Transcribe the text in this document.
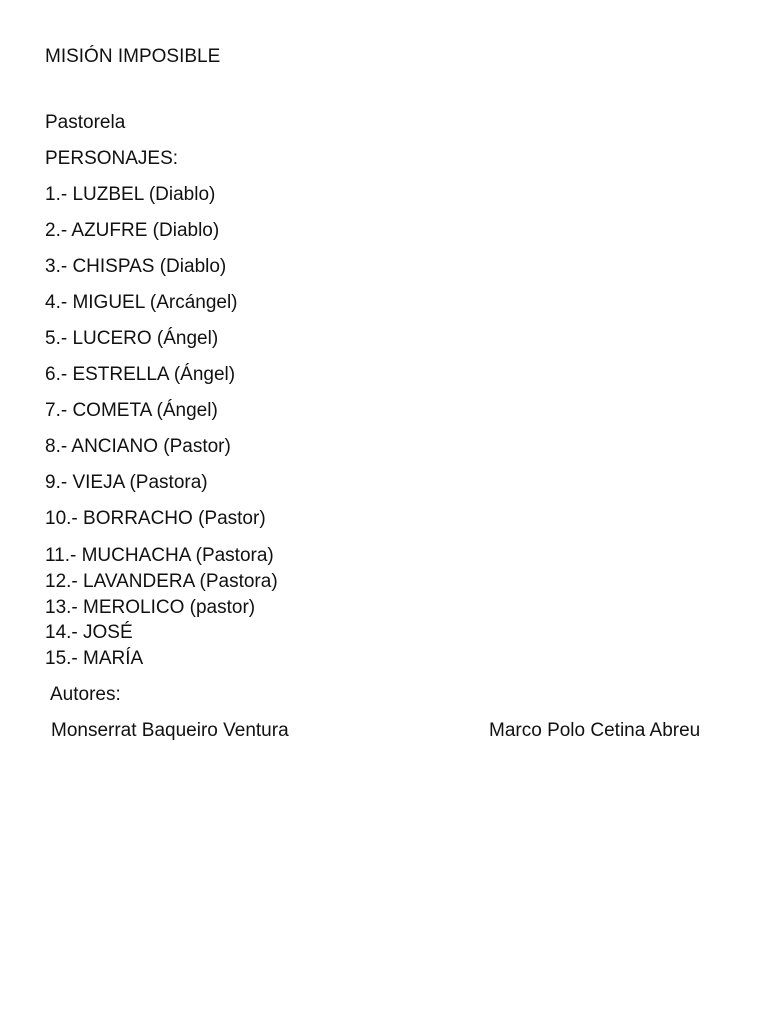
MISIÓN IMPOSIBLE
Pastorela
PERSONAJES:
1.- LUZBEL (Diablo)
2.- AZUFRE (Diablo)
3.- CHISPAS (Diablo)
4.- MIGUEL (Arcángel)
5.- LUCERO (Ángel)
6.- ESTRELLA (Ángel)
7.- COMETA (Ángel)
8.- ANCIANO (Pastor)
9.- VIEJA (Pastora)
10.- BORRACHO (Pastor)
11.- MUCHACHA (Pastora)
12.- LAVANDERA (Pastora)
13.- MEROLICO (pastor)
14.- JOSÉ
15.- MARÍA
Autores:
Monserrat Baqueiro Ventura	Marco Polo Cetina Abreu
